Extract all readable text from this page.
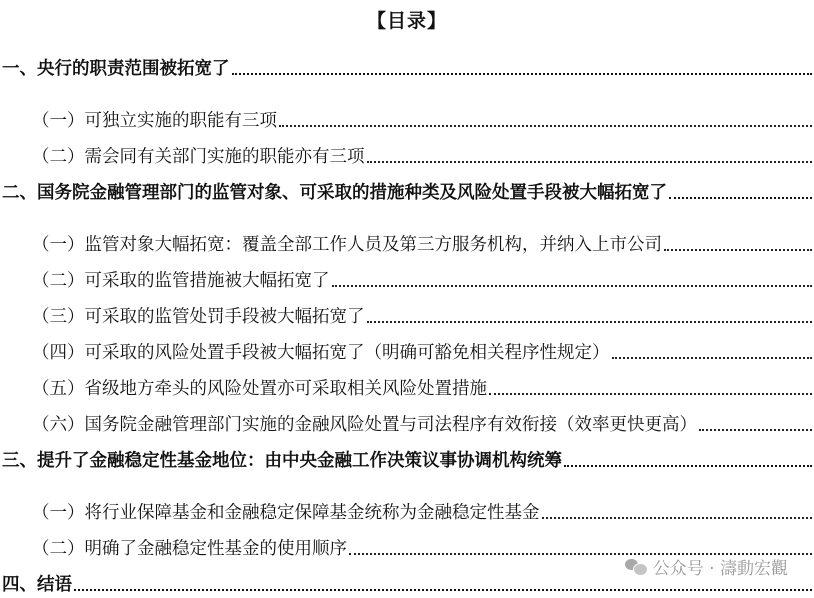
【目录】
一、央行的职责范围被拓宽了
（一）可独立实施的职能有三项
（二）需会同有关部门实施的职能亦有三项
二、国务院金融管理部门的监管对象、可采取的措施种类及风险处置手段被大幅拓宽了
（一）监管对象大幅拓宽：覆盖全部工作人员及第三方服务机构，并纳入上市公司
（二）可采取的监管措施被大幅拓宽了
（三）可采取的监管处罚手段被大幅拓宽了
（四）可采取的风险处置手段被大幅拓宽了（明确可豁免相关程序性规定）
（五）省级地方牵头的风险处置亦可采取相关风险处置措施
（六）国务院金融管理部门实施的金融风险处置与司法程序有效衔接（效率更快更高）
三、提升了金融稳定性基金地位：由中央金融工作决策议事协调机构统筹
（一）将行业保障基金和金融稳定保障基金统称为金融稳定性基金
（二）明确了金融稳定性基金的使用顺序
四、结语
公众号 · 濤動宏觀
